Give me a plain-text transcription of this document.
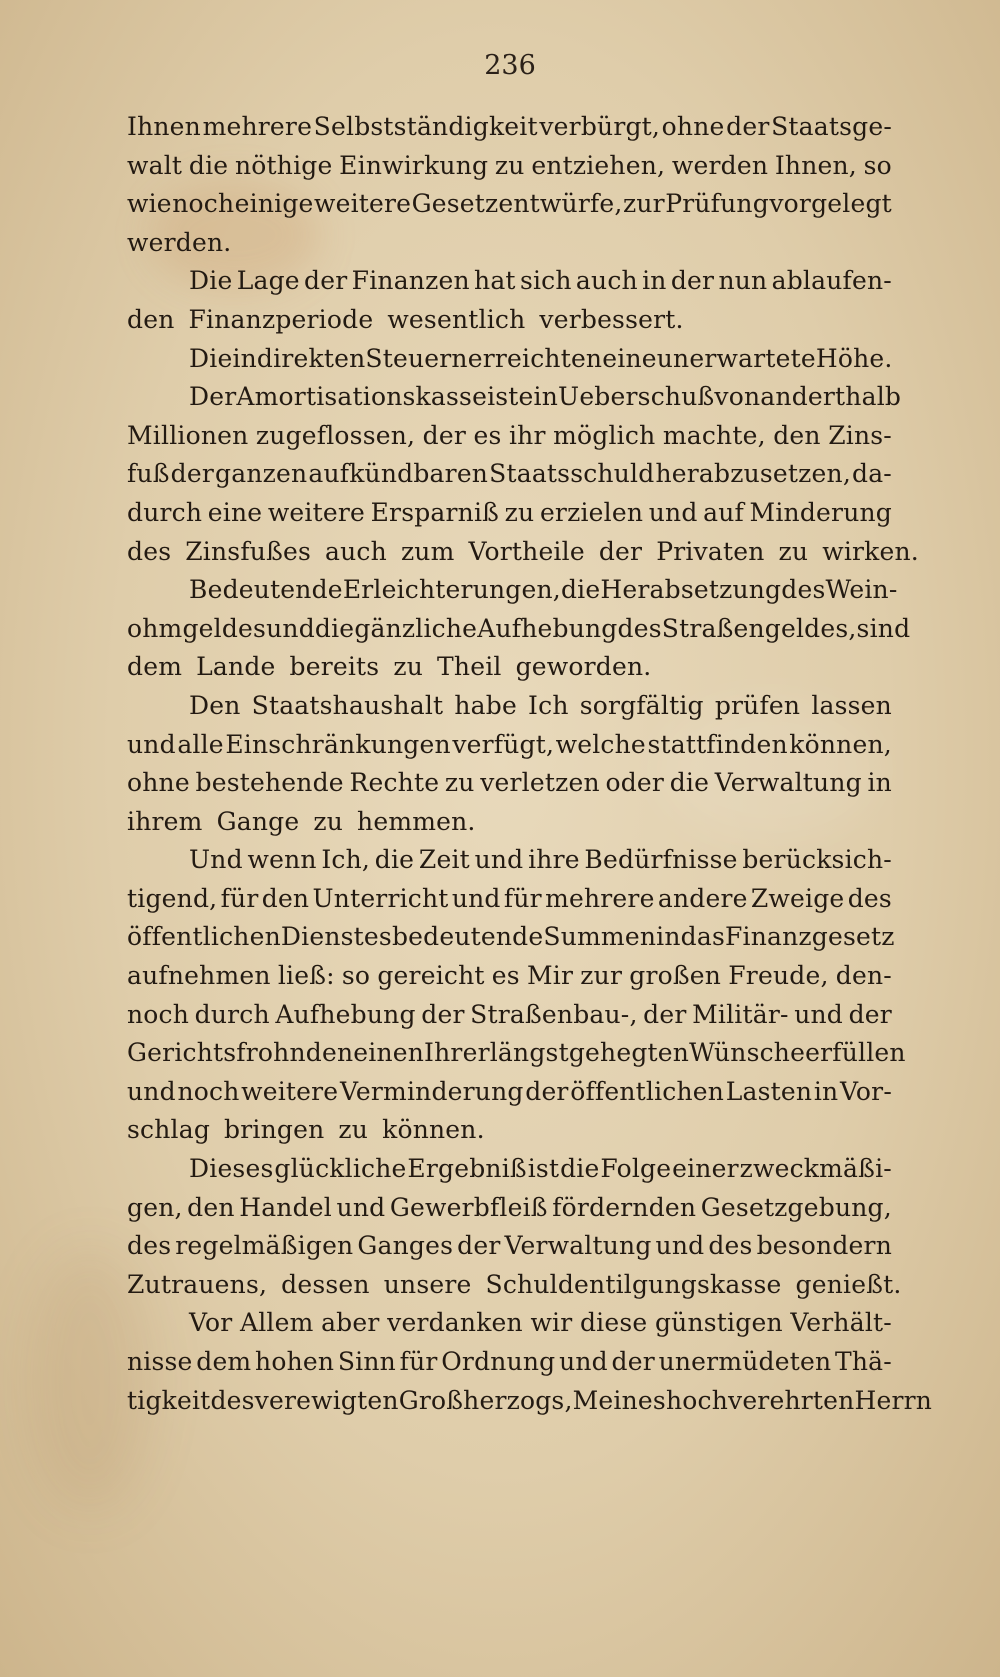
236
Ihnen mehrere Selbstständigkeit verbürgt, ohne der Staatsge-
walt die nöthige Einwirkung zu entziehen, werden Ihnen, so
wie noch einige weitere Gesetzentwürfe, zur Prüfung vorgelegt
werden.
Die Lage der Finanzen hat sich auch in der nun ablaufen-
den Finanzperiode wesentlich verbessert.
Die indirekten Steuern erreichten eine unerwartete Höhe.
Der Amortisationskasse ist ein Ueberschuß von anderthalb
Millionen zugeflossen, der es ihr möglich machte, den Zins-
fuß der ganzen aufkündbaren Staatsschuld herabzusetzen, da-
durch eine weitere Ersparniß zu erzielen und auf Minderung
des Zinsfußes auch zum Vortheile der Privaten zu wirken.
Bedeutende Erleichterungen, die Herabsetzung des Wein-
ohmgeldes und die gänzliche Aufhebung des Straßengeldes, sind
dem Lande bereits zu Theil geworden.
Den Staatshaushalt habe Ich sorgfältig prüfen lassen
und alle Einschränkungen verfügt, welche stattfinden können,
ohne bestehende Rechte zu verletzen oder die Verwaltung in
ihrem Gange zu hemmen.
Und wenn Ich, die Zeit und ihre Bedürfnisse berücksich-
tigend, für den Unterricht und für mehrere andere Zweige des
öffentlichen Dienstes bedeutende Summen in das Finanzgesetz
aufnehmen ließ: so gereicht es Mir zur großen Freude, den-
noch durch Aufhebung der Straßenbau-, der Militär- und der
Gerichtsfrohnden einen Ihrer längst gehegten Wünsche erfüllen
und noch weitere Verminderung der öffentlichen Lasten in Vor-
schlag bringen zu können.
Dieses glückliche Ergebniß ist die Folge einer zweckmäßi-
gen, den Handel und Gewerbfleiß fördernden Gesetzgebung,
des regelmäßigen Ganges der Verwaltung und des besondern
Zutrauens, dessen unsere Schuldentilgungskasse genießt.
Vor Allem aber verdanken wir diese günstigen Verhält-
nisse dem hohen Sinn für Ordnung und der unermüdeten Thä-
tigkeit des verewigten Großherzogs, Meines hochverehrten Herrn
